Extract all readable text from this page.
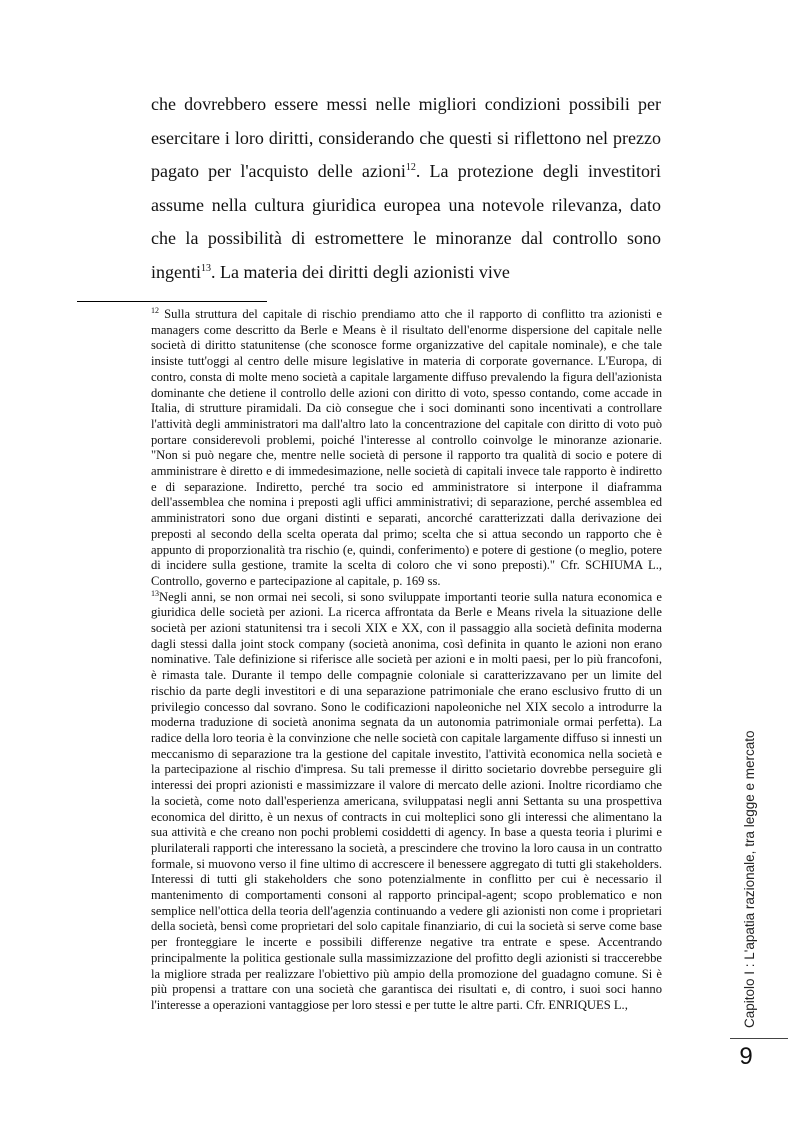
che dovrebbero essere messi nelle migliori condizioni possibili per esercitare i loro diritti, considerando che questi si riflettono nel prezzo pagato per l'acquisto delle azioni$^{12}$. La protezione degli investitori assume nella cultura giuridica europea una notevole rilevanza, dato che la possibilità di estromettere le minoranze dal controllo sono ingenti$^{13}$. La materia dei diritti degli azionisti vive

$^{12}$ Sulla struttura del capitale di rischio prendiamo atto che il rapporto di conflitto tra azionisti e managers come descritto da Berle e Means è il risultato dell'enorme dispersione del capitale nelle società di diritto statunitense (che sconosce forme organizzative del capitale nominale), e che tale insiste tutt'oggi al centro delle misure legislative in materia di corporate governance. L'Europa, di contro, consta di molte meno società a capitale largamente diffuso prevalendo la figura dell'azionista dominante che detiene il controllo delle azioni con diritto di voto, spesso contando, come accade in Italia, di strutture piramidali. Da ciò consegue che i soci dominanti sono incentivati a controllare l'attività degli amministratori ma dall'altro lato la concentrazione del capitale con diritto di voto può portare considerevoli problemi, poiché l'interesse al controllo coinvolge le minoranze azionarie. "Non si può negare che, mentre nelle società di persone il rapporto tra qualità di socio e potere di amministrare è diretto e di immedesimazione, nelle società di capitali invece tale rapporto è indiretto e di separazione. Indiretto, perché tra socio ed amministratore si interpone il diaframma dell'assemblea che nomina i preposti agli uffici amministrativi; di separazione, perché assemblea ed amministratori sono due organi distinti e separati, ancorché caratterizzati dalla derivazione dei preposti al secondo della scelta operata dal primo; scelta che si attua secondo un rapporto che è appunto di proporzionalità tra rischio (e, quindi, conferimento) e potere di gestione (o meglio, potere di incidere sulla gestione, tramite la scelta di coloro che vi sono preposti)." Cfr. SCHIUMA L., Controllo, governo e partecipazione al capitale, p. 169 ss.

$^{13}$Negli anni, se non ormai nei secoli, si sono sviluppate importanti teorie sulla natura economica e giuridica delle società per azioni. La ricerca affrontata da Berle e Means rivela la situazione delle società per azioni statunitensi tra i secoli XIX e XX, con il passaggio alla società definita moderna dagli stessi dalla joint stock company (società anonima, così definita in quanto le azioni non erano nominative. Tale definizione si riferisce alle società per azioni e in molti paesi, per lo più francofoni, è rimasta tale. Durante il tempo delle compagnie coloniale si caratterizzavano per un limite del rischio da parte degli investitori e di una separazione patrimoniale che erano esclusivo frutto di un privilegio concesso dal sovrano. Sono le codificazioni napoleoniche nel XIX secolo a introdurre la moderna traduzione di società anonima segnata da un autonomia patrimoniale ormai perfetta). La radice della loro teoria è la convinzione che nelle società con capitale largamente diffuso si innesti un meccanismo di separazione tra la gestione del capitale investito, l'attività economica nella società e la partecipazione al rischio d'impresa. Su tali premesse il diritto societario dovrebbe perseguire gli interessi dei propri azionisti e massimizzare il valore di mercato delle azioni. Inoltre ricordiamo che la società, come noto dall'esperienza americana, sviluppatasi negli anni Settanta su una prospettiva economica del diritto, è un nexus of contracts in cui molteplici sono gli interessi che alimentano la sua attività e che creano non pochi problemi cosiddetti di agency. In base a questa teoria i plurimi e plurilaterali rapporti che interessano la società, a prescindere che trovino la loro causa in un contratto formale, si muovono verso il fine ultimo di accrescere il benessere aggregato di tutti gli stakeholders. Interessi di tutti gli stakeholders che sono potenzialmente in conflitto per cui è necessario il mantenimento di comportamenti consoni al rapporto principal-agent; scopo problematico e non semplice nell'ottica della teoria dell'agenzia continuando a vedere gli azionisti non come i proprietari della società, bensì come proprietari del solo capitale finanziario, di cui la società si serve come base per fronteggiare le incerte e possibili differenze negative tra entrate e spese. Accentrando principalmente la politica gestionale sulla massimizzazione del profitto degli azionisti si traccerebbe la migliore strada per realizzare l'obiettivo più ampio della promozione del guadagno comune. Si è più propensi a trattare con una società che garantisca dei risultati e, di contro, i suoi soci hanno l'interesse a operazioni vantaggiose per loro stessi e per tutte le altre parti. Cfr. ENRIQUES L.,	Capitolo I : L'apatia razionale, tra legge e mercato
9
